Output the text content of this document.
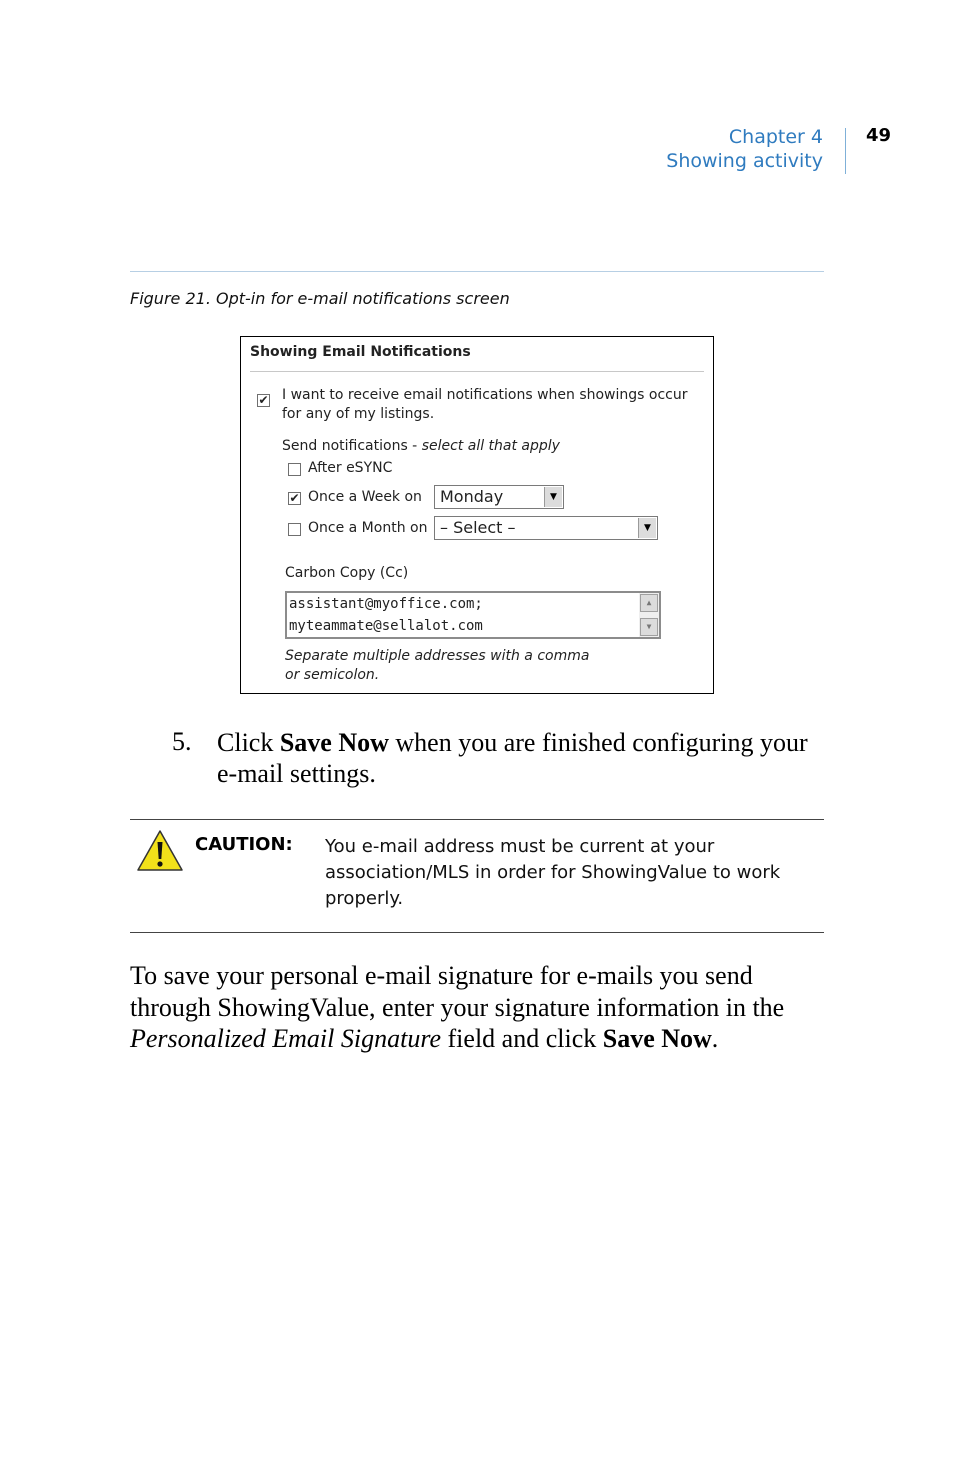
Chapter 4
Showing activity
49
Figure 21. Opt-in for e-mail notifications screen
Showing Email Notifications
✔ I want to receive email notifications when showings occur
for any of my listings.
Send notifications - select all that apply
After eSYNC
✔ Once a Week on	Monday	▼
Once a Month on – Select –	▼
Carbon Copy (Cc)
assistant@myoffice.com;
myteammate@sellalot.com
▲
▼
Separate multiple addresses with a comma
or semicolon.
5. Click Save Now when you are finished configuring your e-mail settings.
CAUTION: You e-mail address must be current at your association/MLS in order for ShowingValue to work properly.
To save your personal e-mail signature for e-mails you send through ShowingValue, enter your signature information in the Personalized Email Signature field and click Save Now.
